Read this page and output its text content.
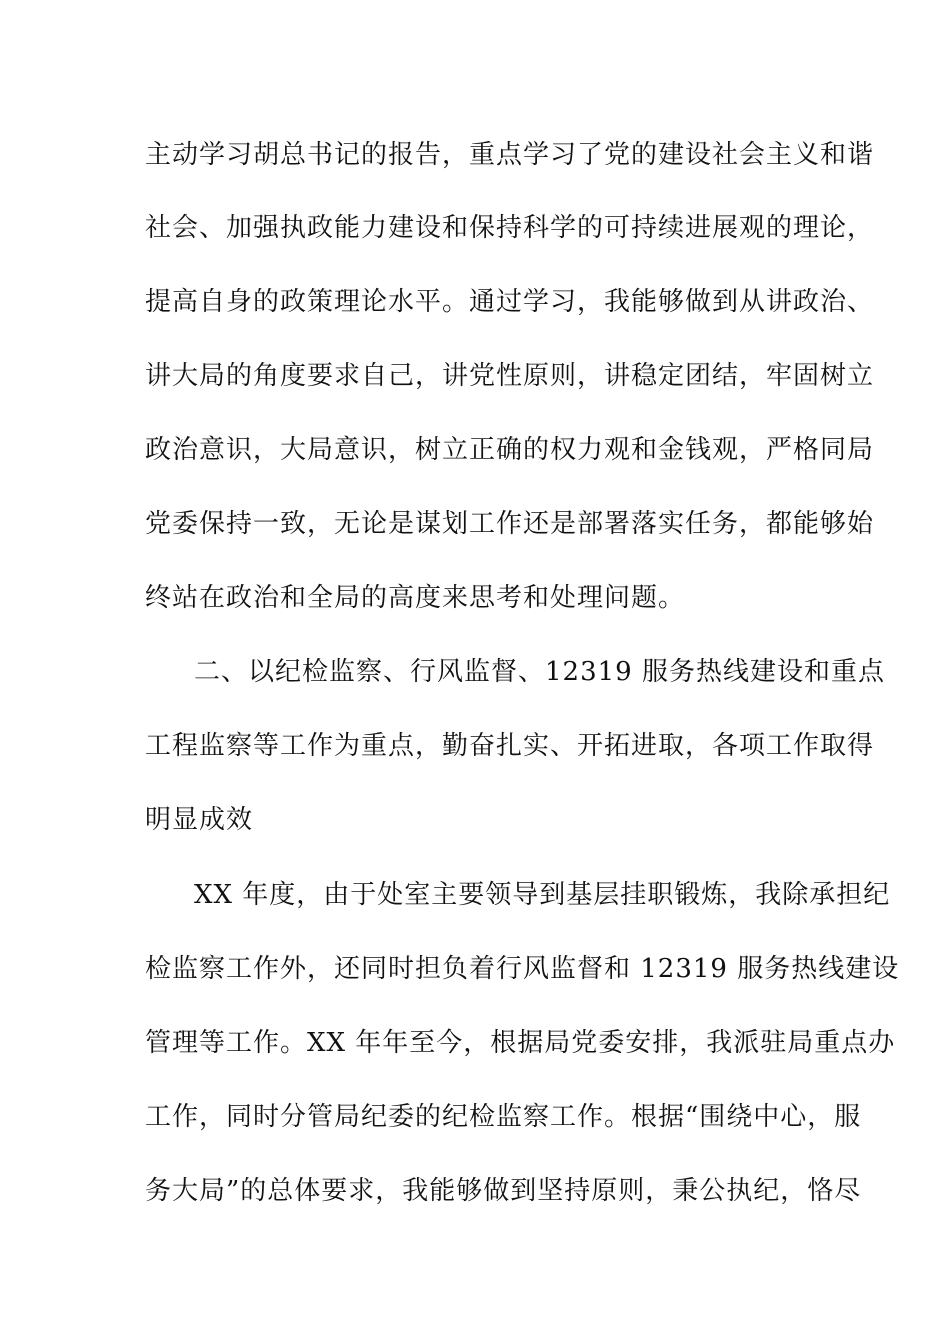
主动学习胡总书记的报告，重点学习了党的建设社会主义和谐
社会、加强执政能力建设和保持科学的可持续进展观的理论，
提高自身的政策理论水平。通过学习，我能够做到从讲政治、
讲大局的角度要求自己，讲党性原则，讲稳定团结，牢固树立
政治意识，大局意识，树立正确的权力观和金钱观，严格同局
党委保持一致，无论是谋划工作还是部署落实任务，都能够始
终站在政治和全局的高度来思考和处理问题。
二、以纪检监察、行风监督、12319 服务热线建设和重点
工程监察等工作为重点，勤奋扎实、开拓进取，各项工作取得
明显成效
XX 年度，由于处室主要领导到基层挂职锻炼，我除承担纪
检监察工作外，还同时担负着行风监督和 12319 服务热线建设
管理等工作。XX 年年至今，根据局党委安排，我派驻局重点办
工作，同时分管局纪委的纪检监察工作。根据“围绕中心，服
务大局”的总体要求，我能够做到坚持原则，秉公执纪，恪尽
